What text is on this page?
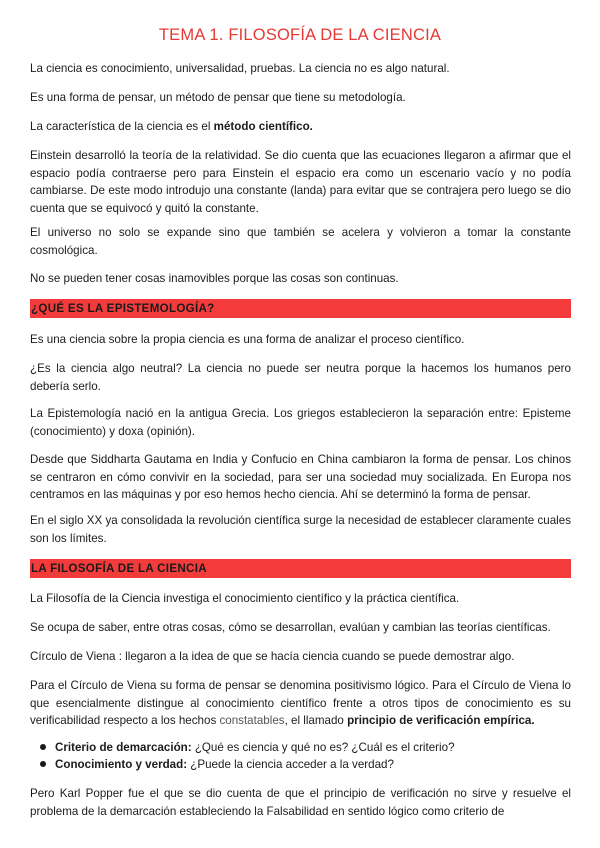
TEMA 1. FILOSOFÍA DE LA CIENCIA

La ciencia es conocimiento, universalidad, pruebas. La ciencia no es algo natural.

Es una forma de pensar, un método de pensar que tiene su metodología.

La característica de la ciencia es el método científico.

Einstein desarrolló la teoría de la relatividad. Se dio cuenta que las ecuaciones llegaron a afirmar que el espacio podía contraerse pero para Einstein el espacio era como un escenario vacío y no podía cambiarse. De este modo introdujo una constante (landa) para evitar que se contrajera pero luego se dio cuenta que se equivocó y quitó la constante.

El universo no solo se expande sino que también se acelera y volvieron a tomar la constante cosmológica.

No se pueden tener cosas inamovibles porque las cosas son continuas.

¿QUÉ ES LA EPISTEMOLOGÍA?

Es una ciencia sobre la propia ciencia es una forma de analizar el proceso científico.

¿Es la ciencia algo neutral? La ciencia no puede ser neutra porque la hacemos los humanos pero debería serlo.

La Epistemología nació en la antigua Grecia. Los griegos establecieron la separación entre: Episteme (conocimiento) y doxa (opinión).

Desde que Siddharta Gautama en India y Confucio en China cambiaron la forma de pensar. Los chinos se centraron en cómo convivir en la sociedad, para ser una sociedad muy socializada. En Europa nos centramos en las máquinas y por eso hemos hecho ciencia. Ahí se determinó la forma de pensar.

En el siglo XX ya consolidada la revolución científica surge la necesidad de establecer claramente cuales son los límites.

LA FILOSOFÍA DE LA CIENCIA

La Filosofía de la Ciencia investiga el conocimiento científico y la práctica científica.

Se ocupa de saber, entre otras cosas, cómo se desarrollan, evalúan y cambian las teorías científicas.

Círculo de Viena : llegaron a la idea de que se hacía ciencia cuando se puede demostrar algo.

Para el Círculo de Viena su forma de pensar se denomina positivismo lógico. Para el Círculo de Viena lo que esencialmente distingue al conocimiento científico frente a otros tipos de conocimiento es su verificabilidad respecto a los hechos constatables, el llamado principio de verificación empírica.

Criterio de demarcación: ¿Qué es ciencia y qué no es? ¿Cuál es el criterio?
Conocimiento y verdad: ¿Puede la ciencia acceder a la verdad?

Pero Karl Popper fue el que se dio cuenta de que el principio de verificación no sirve y resuelve el problema de la demarcación estableciendo la Falsabilidad en sentido lógico como criterio de
